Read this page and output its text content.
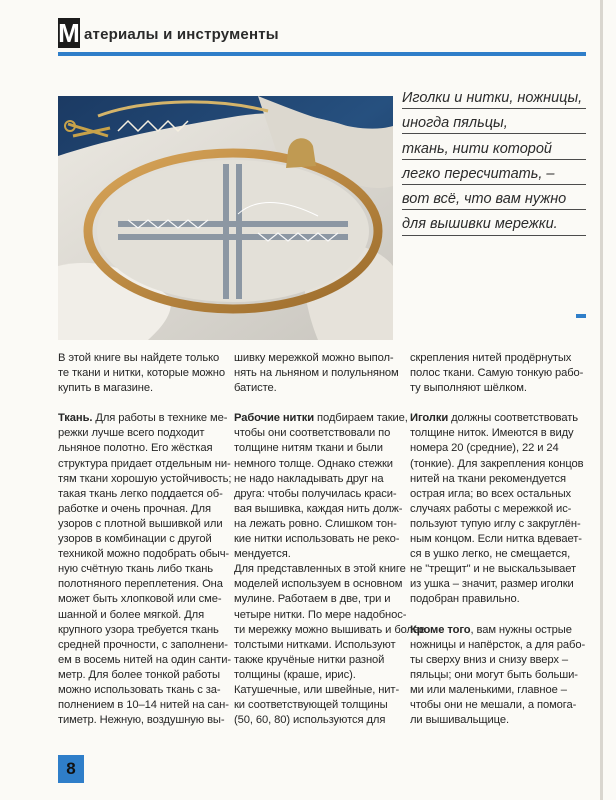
М атериалы и инструменты
Иголки и нитки, ножницы,
иногда пяльцы,
ткань, нити которой
легко пересчитать, –
вот всё, что вам нужно
для вышивки мережки.

В этой книге вы найдете только
те ткани и нитки, которые можно
купить в магазине.

Ткань. Для работы в технике ме-
режки лучше всего подходит
льняное полотно. Его жёсткая
структура придает отдельным ни-
тям ткани хорошую устойчивость;
такая ткань легко поддается об-
работке и очень прочная. Для
узоров с плотной вышивкой или
узоров в комбинации с другой
техникой можно подобрать обыч-
ную счётную ткань либо ткань
полотняного переплетения. Она
может быть хлопковой или сме-
шанной и более мягкой. Для
крупного узора требуется ткань
средней прочности, с заполнени-
ем в восемь нитей на один санти-
метр. Для более тонкой работы
можно использовать ткань с за-
полнением в 10–14 нитей на сан-
тиметр. Нежную, воздушную вы-

шивку мережкой можно выпол-
нять на льняном и полульняном
батисте.

Рабочие нитки подбираем такие,
чтобы они соответствовали по
толщине нитям ткани и были
немного толще. Однако стежки
не надо накладывать друг на
друга: чтобы получилась краси-
вая вышивка, каждая нить долж-
на лежать ровно. Слишком тон-
кие нитки использовать не реко-
мендуется.
Для представленных в этой книге
моделей используем в основном
мулине. Работаем в две, три и
четыре нитки. По мере надобнос-
ти мережку можно вышивать и более
толстыми нитками. Используют
также кручёные нитки разной
толщины (краше, ирис).
Катушечные, или швейные, нит-
ки соответствующей толщины
(50, 60, 80) используются для

скрепления нитей продёрнутых
полос ткани. Самую тонкую рабо-
ту выполняют шёлком.

Иголки должны соответствовать
толщине ниток. Имеются в виду
номера 20 (средние), 22 и 24
(тонкие). Для закрепления концов
нитей на ткани рекомендуется
острая игла; во всех остальных
случаях работы с мережкой ис-
пользуют тупую иглу с закруглён-
ным концом. Если нитка вдевает-
ся в ушко легко, не смещается,
не "трещит" и не выскальзывает
из ушка – значит, размер иголки
подобран правильно.

Кроме того, вам нужны острые
ножницы и напёрсток, а для рабо-
ты сверху вниз и снизу вверх –
пяльцы; они могут быть больши-
ми или маленькими, главное –
чтобы они не мешали, а помога-
ли вышивальщице.

8
